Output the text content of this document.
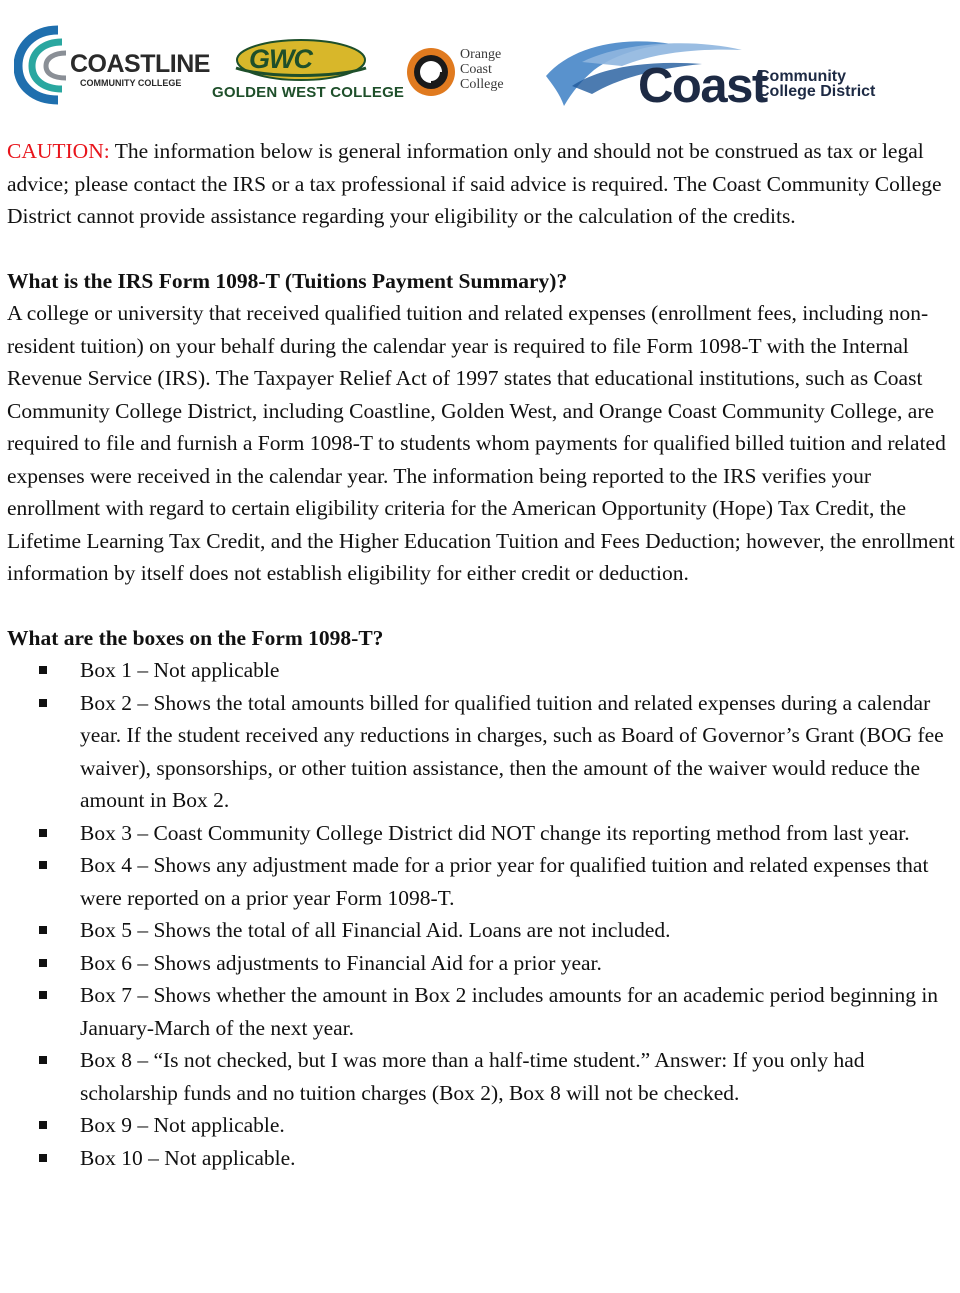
COASTLINE
COMMUNITY COLLEGE
GWC
GOLDEN WEST COLLEGE
Orange
Coast
College	Coast
Community
College District

CAUTION: The information below is general information only and should not be construed as tax or legal advice; please contact the IRS or a tax professional if said advice is required. The Coast Community College District cannot provide assistance regarding your eligibility or the calculation of the credits.

What is the IRS Form 1098-T (Tuitions Payment Summary)?

A college or university that received qualified tuition and related expenses (enrollment fees, including non-resident tuition) on your behalf during the calendar year is required to file Form 1098-T with the Internal Revenue Service (IRS). The Taxpayer Relief Act of 1997 states that educational institutions, such as Coast Community College District, including Coastline, Golden West, and Orange Coast Community College, are required to file and furnish a Form 1098-T to students whom payments for qualified billed tuition and related expenses were received in the calendar year. The information being reported to the IRS verifies your enrollment with regard to certain eligibility criteria for the American Opportunity (Hope) Tax Credit, the Lifetime Learning Tax Credit, and the Higher Education Tuition and Fees Deduction; however, the enrollment information by itself does not establish eligibility for either credit or deduction.

What are the boxes on the Form 1098-T?

Box 1 – Not applicable
Box 2 – Shows the total amounts billed for qualified tuition and related expenses during a calendar year. If the student received any reductions in charges, such as Board of Governor’s Grant (BOG fee waiver), sponsorships, or other tuition assistance, then the amount of the waiver would reduce the amount in Box 2.
Box 3 – Coast Community College District did NOT change its reporting method from last year.
Box 4 – Shows any adjustment made for a prior year for qualified tuition and related expenses that were reported on a prior year Form 1098-T.
Box 5 – Shows the total of all Financial Aid. Loans are not included.
Box 6 – Shows adjustments to Financial Aid for a prior year.
Box 7 – Shows whether the amount in Box 2 includes amounts for an academic period beginning in January-March of the next year.
Box 8 – “Is not checked, but I was more than a half-time student.” Answer: If you only had scholarship funds and no tuition charges (Box 2), Box 8 will not be checked.
Box 9 – Not applicable.
Box 10 – Not applicable.
